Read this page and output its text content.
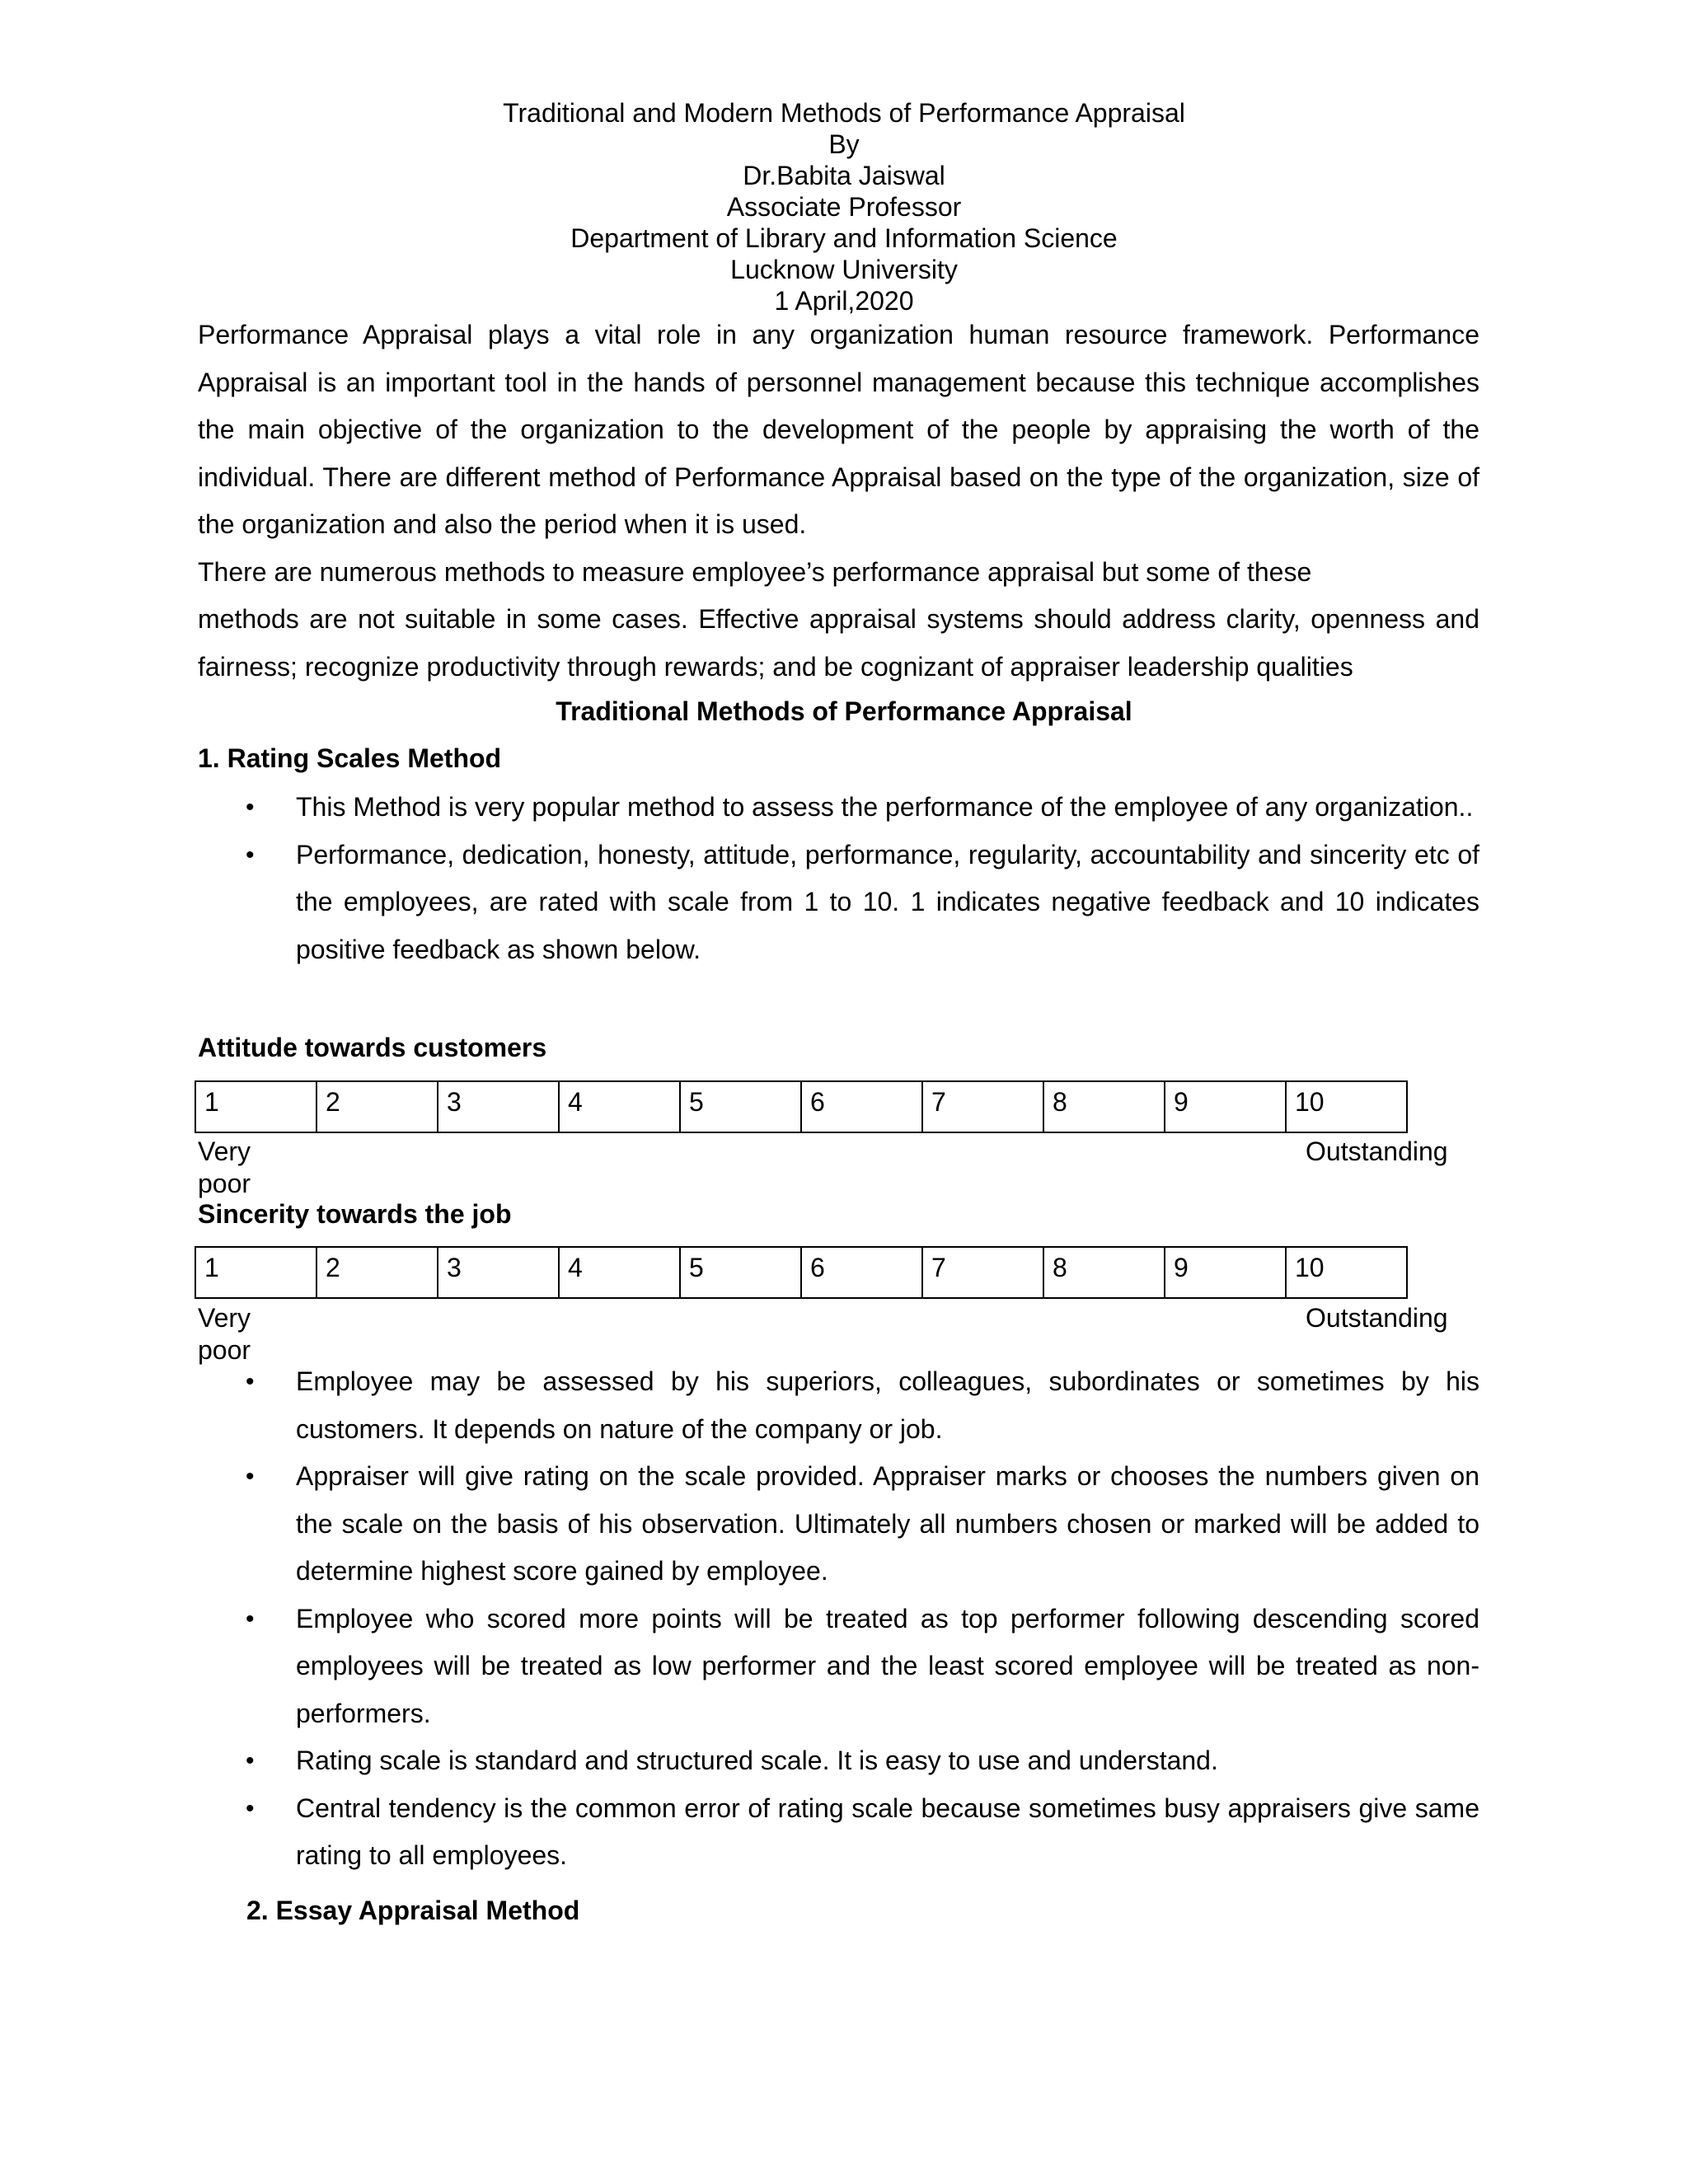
Traditional and Modern Methods of Performance Appraisal
By
Dr.Babita Jaiswal
Associate Professor
Department of Library and Information Science
Lucknow University
1 April,2020

Performance Appraisal plays a vital role in any organization human resource framework. Performance Appraisal is an important tool in the hands of personnel management because this technique accomplishes the main objective of the organization to the development of the people by appraising the worth of the individual. There are different method of Performance Appraisal based on the type of the organization, size of the organization and also the period when it is used.

There are numerous methods to measure employee’s performance appraisal but some of these

methods are not suitable in some cases. Effective appraisal systems should address clarity, openness and fairness; recognize productivity through rewards; and be cognizant of appraiser leadership qualities

Traditional Methods of Performance Appraisal
1. Rating Scales Method
• This Method is very popular method to assess the performance of the employee of any organization..
• Performance, dedication, honesty, attitude, performance, regularity, accountability and sincerity etc of the employees, are rated with scale from 1 to 10. 1 indicates negative feedback and 10 indicates positive feedback as shown below.
Attitude towards customers
1	2	3	4	5	6	7	8	9	10
Very
poor
Outstanding
Sincerity towards the job
1	2	3	4	5	6	7	8	9	10
Very
poor
Outstanding
• Employee may be assessed by his superiors, colleagues, subordinates or sometimes by his customers. It depends on nature of the company or job.
• Appraiser will give rating on the scale provided. Appraiser marks or chooses the numbers given on the scale on the basis of his observation. Ultimately all numbers chosen or marked will be added to determine highest score gained by employee.
• Employee who scored more points will be treated as top performer following descending scored employees will be treated as low performer and the least scored employee will be treated as non-performers.
• Rating scale is standard and structured scale. It is easy to use and understand.
• Central tendency is the common error of rating scale because sometimes busy appraisers give same rating to all employees.
2. Essay Appraisal Method
